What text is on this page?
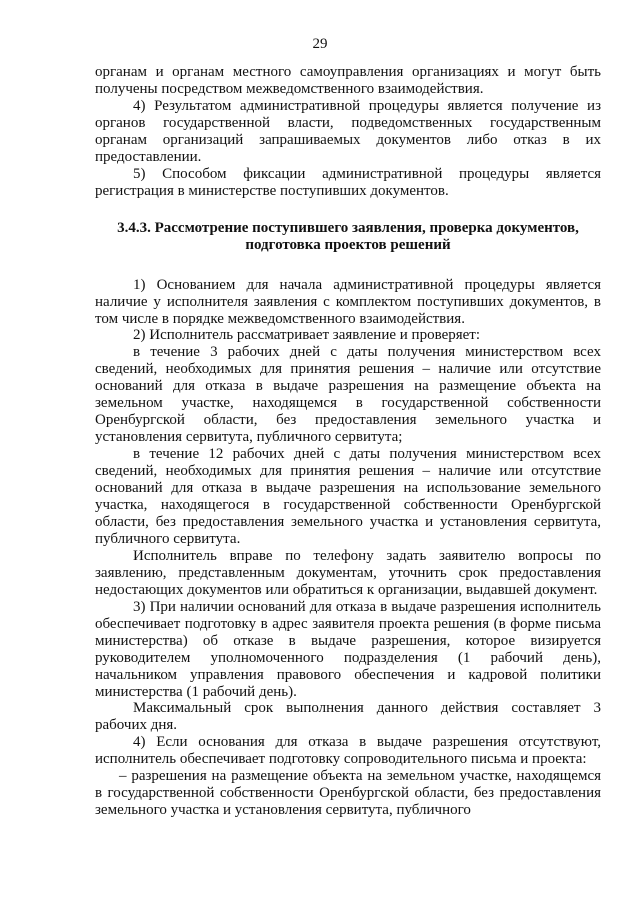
29

органам и органам местного самоуправления организациях и могут быть получены посредством межведомственного взаимодействия.

4) Результатом административной процедуры является получение из органов государственной власти, подведомственных государственным органам организаций запрашиваемых документов либо отказ в их предоставлении.

5) Способом фиксации административной процедуры является регистрация в министерстве поступивших документов.

3.4.3. Рассмотрение поступившего заявления, проверка документов,
подготовка проектов решений

1) Основанием для начала административной процедуры является наличие у исполнителя заявления с комплектом поступивших документов, в том числе в порядке межведомственного взаимодействия.

2) Исполнитель рассматривает заявление и проверяет:

в течение 3 рабочих дней с даты получения министерством всех сведений, необходимых для принятия решения – наличие или отсутствие оснований для отказа в выдаче разрешения на размещение объекта на земельном участке, находящемся в государственной собственности Оренбургской области, без предоставления земельного участка и установления сервитута, публичного сервитута;

в течение 12 рабочих дней с даты получения министерством всех сведений, необходимых для принятия решения – наличие или отсутствие оснований для отказа в выдаче разрешения на использование земельного участка, находящегося в государственной собственности Оренбургской области, без предоставления земельного участка и установления сервитута, публичного сервитута.

Исполнитель вправе по телефону задать заявителю вопросы по заявлению, представленным документам, уточнить срок предоставления недостающих документов или обратиться к организации, выдавшей документ.

3) При наличии оснований для отказа в выдаче разрешения исполнитель обеспечивает подготовку в адрес заявителя проекта решения (в форме письма министерства) об отказе в выдаче разрешения, которое визируется руководителем уполномоченного подразделения (1 рабочий день), начальником управления правового обеспечения и кадровой политики министерства (1 рабочий день).

Максимальный срок выполнения данного действия составляет 3 рабочих дня.

4) Если основания для отказа в выдаче разрешения отсутствуют, исполнитель обеспечивает подготовку сопроводительного письма и проекта:

– разрешения на размещение объекта на земельном участке, находящемся в государственной собственности Оренбургской области, без предоставления земельного участка и установления сервитута, публичного
